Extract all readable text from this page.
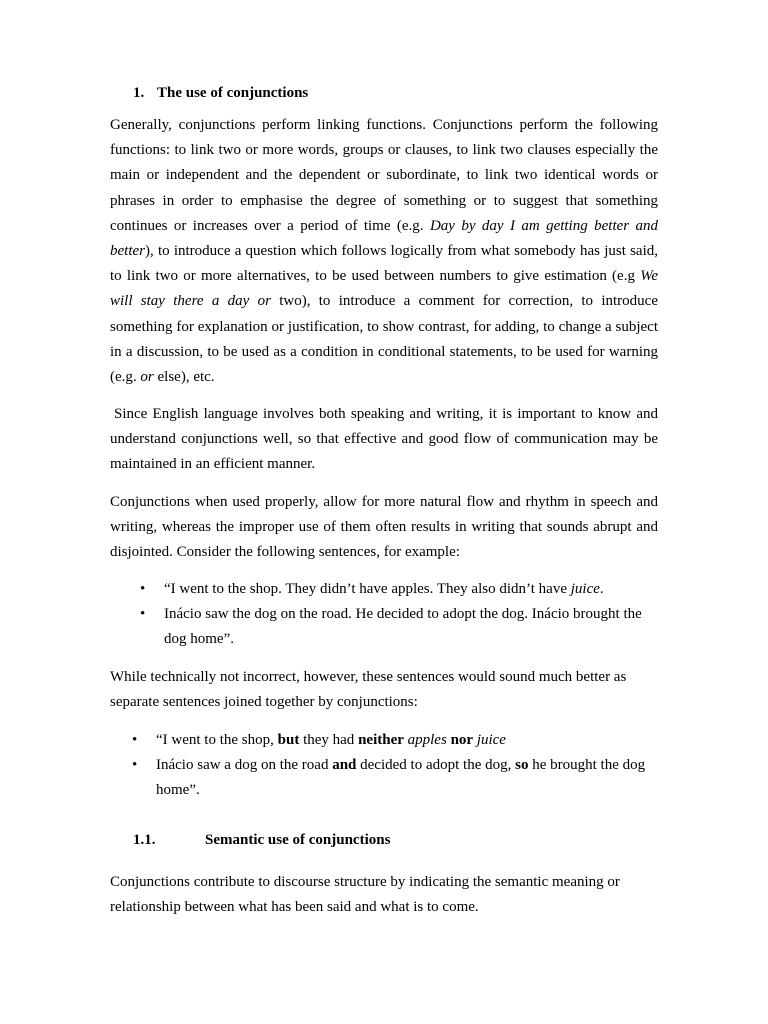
1. The use of conjunctions

Generally, conjunctions perform linking functions. Conjunctions perform the following functions: to link two or more words, groups or clauses, to link two clauses especially the main or independent and the dependent or subordinate, to link two identical words or phrases in order to emphasise the degree of something or to suggest that something continues or increases over a period of time (e.g. Day by day I am getting better and better), to introduce a question which follows logically from what somebody has just said, to link two or more alternatives, to be used between numbers to give estimation (e.g We will stay there a day or two), to introduce a comment for correction, to introduce something for explanation or justification, to show contrast, for adding, to change a subject in a discussion, to be used as a condition in conditional statements, to be used for warning (e.g. or else), etc.

Since English language involves both speaking and writing, it is important to know and understand conjunctions well, so that effective and good flow of communication may be maintained in an efficient manner.

Conjunctions when used properly, allow for more natural flow and rhythm in speech and writing, whereas the improper use of them often results in writing that sounds abrupt and disjointed. Consider the following sentences, for example:

• “I went to the shop. They didn’t have apples. They also didn’t have juice.
• Inácio saw the dog on the road. He decided to adopt the dog. Inácio brought the dog home”.

While technically not incorrect, however, these sentences would sound much better as separate sentences joined together by conjunctions:

• “I went to the shop, but they had neither apples nor juice
• Inácio saw a dog on the road and decided to adopt the dog, so he brought the dog home”.
1.1.	Semantic use of conjunctions

Conjunctions contribute to discourse structure by indicating the semantic meaning or relationship between what has been said and what is to come.
